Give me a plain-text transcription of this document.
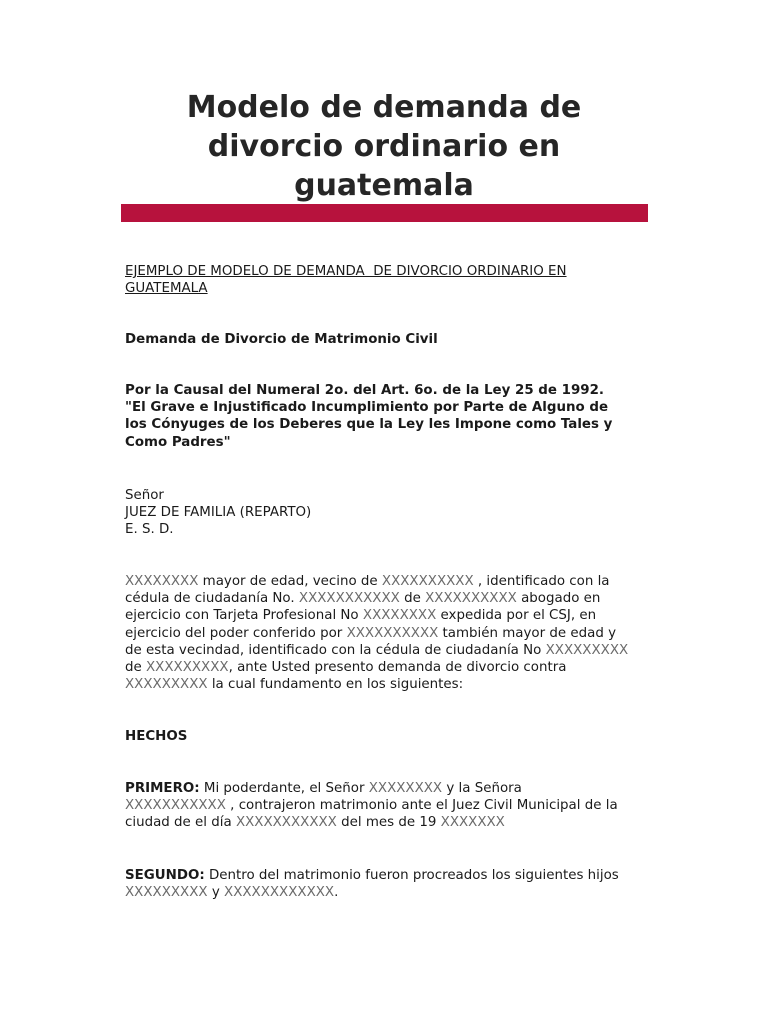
Modelo de demanda de
divorcio ordinario en
guatemala
EJEMPLO DE MODELO DE DEMANDA  DE DIVORCIO ORDINARIO EN
GUATEMALA
Demanda de Divorcio de Matrimonio Civil
Por la Causal del Numeral 2o. del Art. 6o. de la Ley 25 de 1992.
"El Grave e Injustificado Incumplimiento por Parte de Alguno de
los Cónyuges de los Deberes que la Ley les Impone como Tales y
Como Padres"
Señor
JUEZ DE FAMILIA (REPARTO)
E. S. D.
XXXXXXXX mayor de edad, vecino de XXXXXXXXXX , identificado con la
cédula de ciudadanía No. XXXXXXXXXXX de XXXXXXXXXX abogado en
ejercicio con Tarjeta Profesional No XXXXXXXX expedida por el CSJ, en
ejercicio del poder conferido por XXXXXXXXXX también mayor de edad y
de esta vecindad, identificado con la cédula de ciudadanía No XXXXXXXXX
de XXXXXXXXX, ante Usted presento demanda de divorcio contra
XXXXXXXXX la cual fundamento en los siguientes:
HECHOS
PRIMERO: Mi poderdante, el Señor XXXXXXXX y la Señora
XXXXXXXXXXX , contrajeron matrimonio ante el Juez Civil Municipal de la
ciudad de el día XXXXXXXXXXX del mes de 19 XXXXXXX
SEGUNDO: Dentro del matrimonio fueron procreados los siguientes hijos
XXXXXXXXX y XXXXXXXXXXXX.
